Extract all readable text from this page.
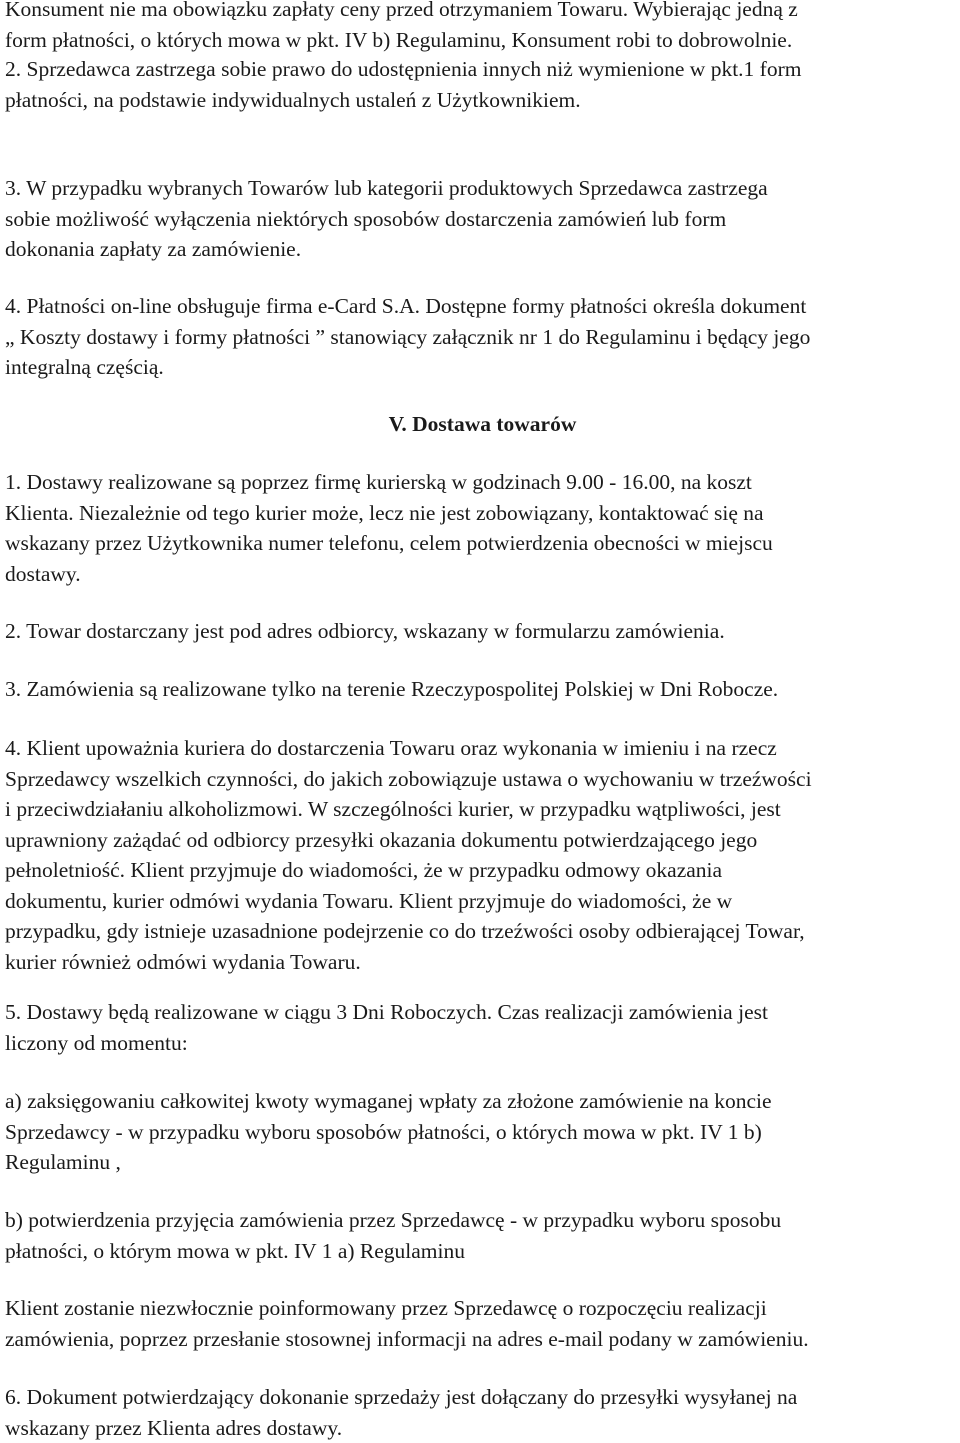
Konsument nie ma obowiązku zapłaty ceny przed otrzymaniem Towaru. Wybierając jedną z
form płatności, o których mowa w pkt. IV b) Regulaminu, Konsument robi to dobrowolnie.

2. Sprzedawca zastrzega sobie prawo do udostępnienia innych niż wymienione w pkt.1 form
płatności, na podstawie indywidualnych ustaleń z Użytkownikiem.

3. W przypadku wybranych Towarów lub kategorii produktowych Sprzedawca zastrzega
sobie możliwość wyłączenia niektórych sposobów dostarczenia zamówień lub form
dokonania zapłaty za zamówienie.

4. Płatności on-line obsługuje firma e-Card S.A. Dostępne formy płatności określa dokument
„ Koszty dostawy i formy płatności ” stanowiący załącznik nr 1 do Regulaminu i będący jego
integralną częścią.

V. Dostawa towarów

1. Dostawy realizowane są poprzez firmę kurierską w godzinach 9.00 - 16.00, na koszt
Klienta. Niezależnie od tego kurier może, lecz nie jest zobowiązany, kontaktować się na
wskazany przez Użytkownika numer telefonu, celem potwierdzenia obecności w miejscu
dostawy.

2. Towar dostarczany jest pod adres odbiorcy, wskazany w formularzu zamówienia.

3. Zamówienia są realizowane tylko na terenie Rzeczypospolitej Polskiej w Dni Robocze.

4. Klient upoważnia kuriera do dostarczenia Towaru oraz wykonania w imieniu i na rzecz
Sprzedawcy wszelkich czynności, do jakich zobowiązuje ustawa o wychowaniu w trzeźwości
i przeciwdziałaniu alkoholizmowi. W szczególności kurier, w przypadku wątpliwości, jest
uprawniony zażądać od odbiorcy przesyłki okazania dokumentu potwierdzającego jego
pełnoletniość. Klient przyjmuje do wiadomości, że w przypadku odmowy okazania
dokumentu, kurier odmówi wydania Towaru. Klient przyjmuje do wiadomości, że w
przypadku, gdy istnieje uzasadnione podejrzenie co do trzeźwości osoby odbierającej Towar,
kurier również odmówi wydania Towaru.

5. Dostawy będą realizowane w ciągu 3 Dni Roboczych. Czas realizacji zamówienia jest
liczony od momentu:

a) zaksięgowaniu całkowitej kwoty wymaganej wpłaty za złożone zamówienie na koncie
Sprzedawcy - w przypadku wyboru sposobów płatności, o których mowa w pkt. IV 1 b)
Regulaminu ,

b) potwierdzenia przyjęcia zamówienia przez Sprzedawcę - w przypadku wyboru sposobu
płatności, o którym mowa w pkt. IV 1 a) Regulaminu

Klient zostanie niezwłocznie poinformowany przez Sprzedawcę o rozpoczęciu realizacji
zamówienia, poprzez przesłanie stosownej informacji na adres e-mail podany w zamówieniu.

6. Dokument potwierdzający dokonanie sprzedaży jest dołączany do przesyłki wysyłanej na
wskazany przez Klienta adres dostawy.
